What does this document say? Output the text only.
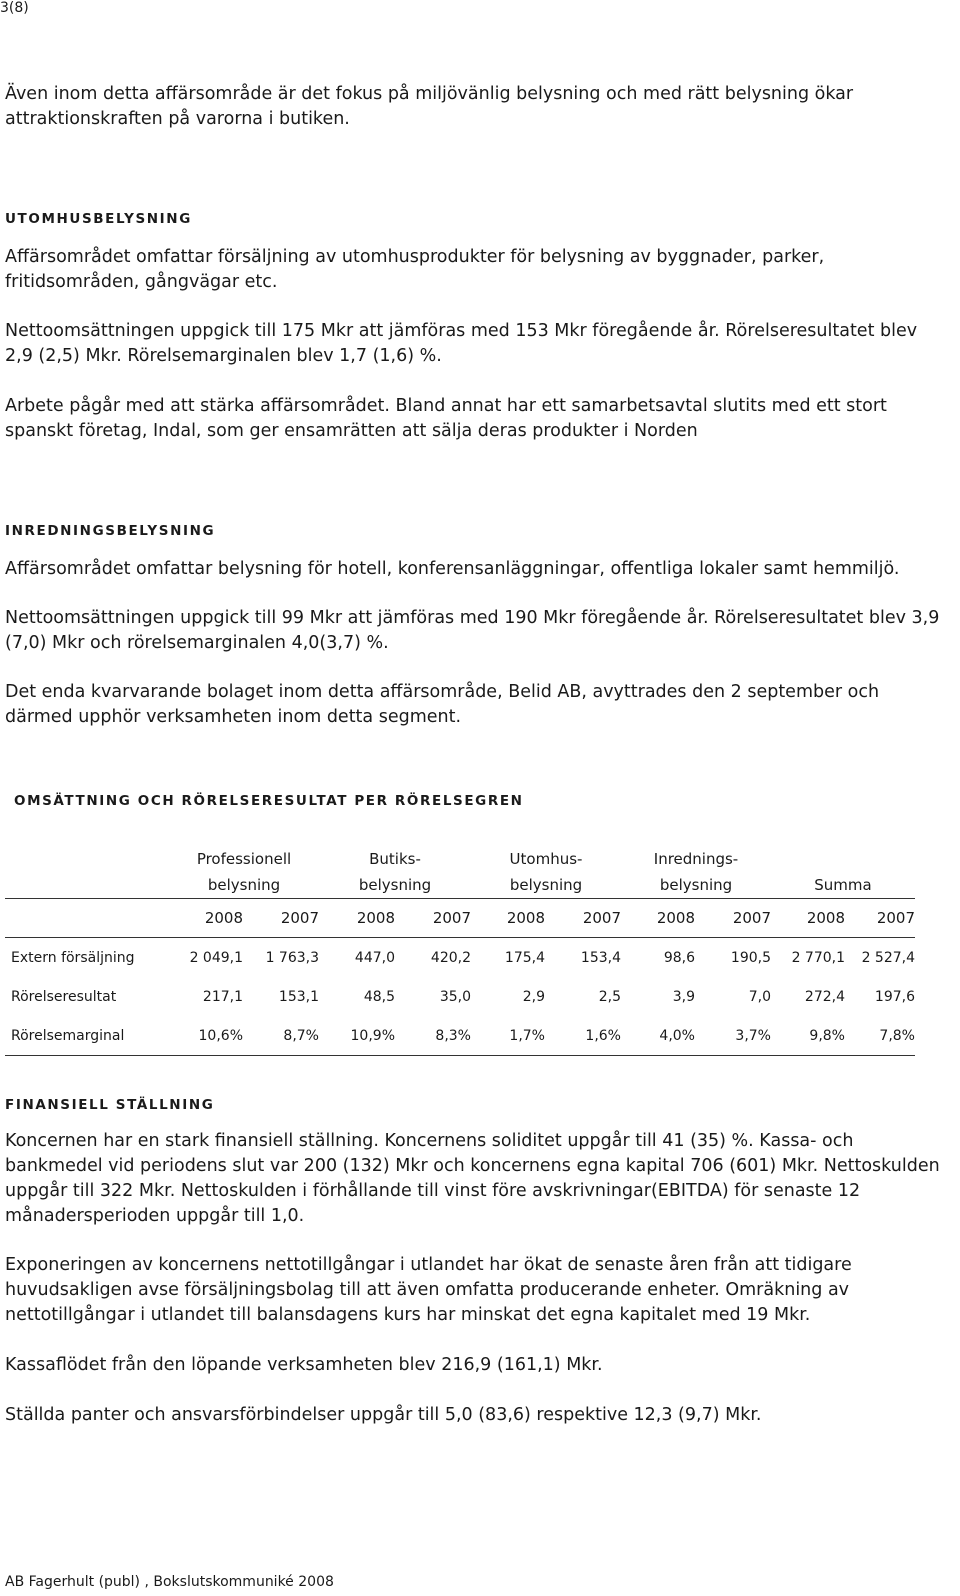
3(8)

Även inom detta affärsområde är det fokus på miljövänlig belysning och med rätt belysning ökar attraktionskraften på varorna i butiken.

UTOMHUSBELYSNING

Affärsområdet omfattar försäljning av utomhusprodukter för belysning av byggnader, parker, fritidsområden, gångvägar etc.

Nettoomsättningen uppgick till 175 Mkr att jämföras med 153 Mkr föregående år. Rörelseresultatet blev 2,9 (2,5) Mkr. Rörelsemarginalen blev 1,7 (1,6) %.

Arbete pågår med att stärka affärsområdet. Bland annat har ett samarbetsavtal slutits med ett stort spanskt företag, Indal, som ger ensamrätten att sälja deras produkter i Norden

INREDNINGSBELYSNING

Affärsområdet omfattar belysning för hotell, konferensanläggningar, offentliga lokaler samt hemmiljö.

Nettoomsättningen uppgick till 99 Mkr att jämföras med 190 Mkr föregående år. Rörelseresultatet blev 3,9 (7,0) Mkr och rörelsemarginalen 4,0(3,7) %.

Det enda kvarvarande bolaget inom detta affärsområde, Belid AB, avyttrades den 2 september och därmed upphör verksamheten inom detta segment.

OMSÄTTNING OCH RÖRELSERESULTAT PER RÖRELSEGREN
	Professionell		Butiks-		Utomhus-		Inrednings-			
	belysning		belysning		belysning		belysning		Summa	
	2008	2007	2008	2007	2008	2007	2008	2007	2008	2007
Extern försäljning	2 049,1	1 763,3	447,0	420,2	175,4	153,4	98,6	190,5	2 770,1	2 527,4
Rörelseresultat	217,1	153,1	48,5	35,0	2,9	2,5	3,9	7,0	272,4	197,6
Rörelsemarginal	10,6%	8,7%	10,9%	8,3%	1,7%	1,6%	4,0%	3,7%	9,8%	7,8%
FINANSIELL STÄLLNING

Koncernen har en stark finansiell ställning. Koncernens soliditet uppgår till 41 (35) %. Kassa- och bankmedel vid periodens slut var 200 (132) Mkr och koncernens egna kapital 706 (601) Mkr. Nettoskulden uppgår till 322 Mkr. Nettoskulden i förhållande till vinst före avskrivningar(EBITDA) för senaste 12 månadersperioden uppgår till 1,0.

Exponeringen av koncernens nettotillgångar i utlandet har ökat de senaste åren från att tidigare huvudsakligen avse försäljningsbolag till att även omfatta producerande enheter. Omräkning av nettotillgångar i utlandet till balansdagens kurs har minskat det egna kapitalet med 19 Mkr.

Kassaflödet från den löpande verksamheten blev 216,9 (161,1) Mkr.

Ställda panter och ansvarsförbindelser uppgår till 5,0 (83,6) respektive 12,3 (9,7) Mkr.

AB Fagerhult (publ) , Bokslutskommuniké 2008
